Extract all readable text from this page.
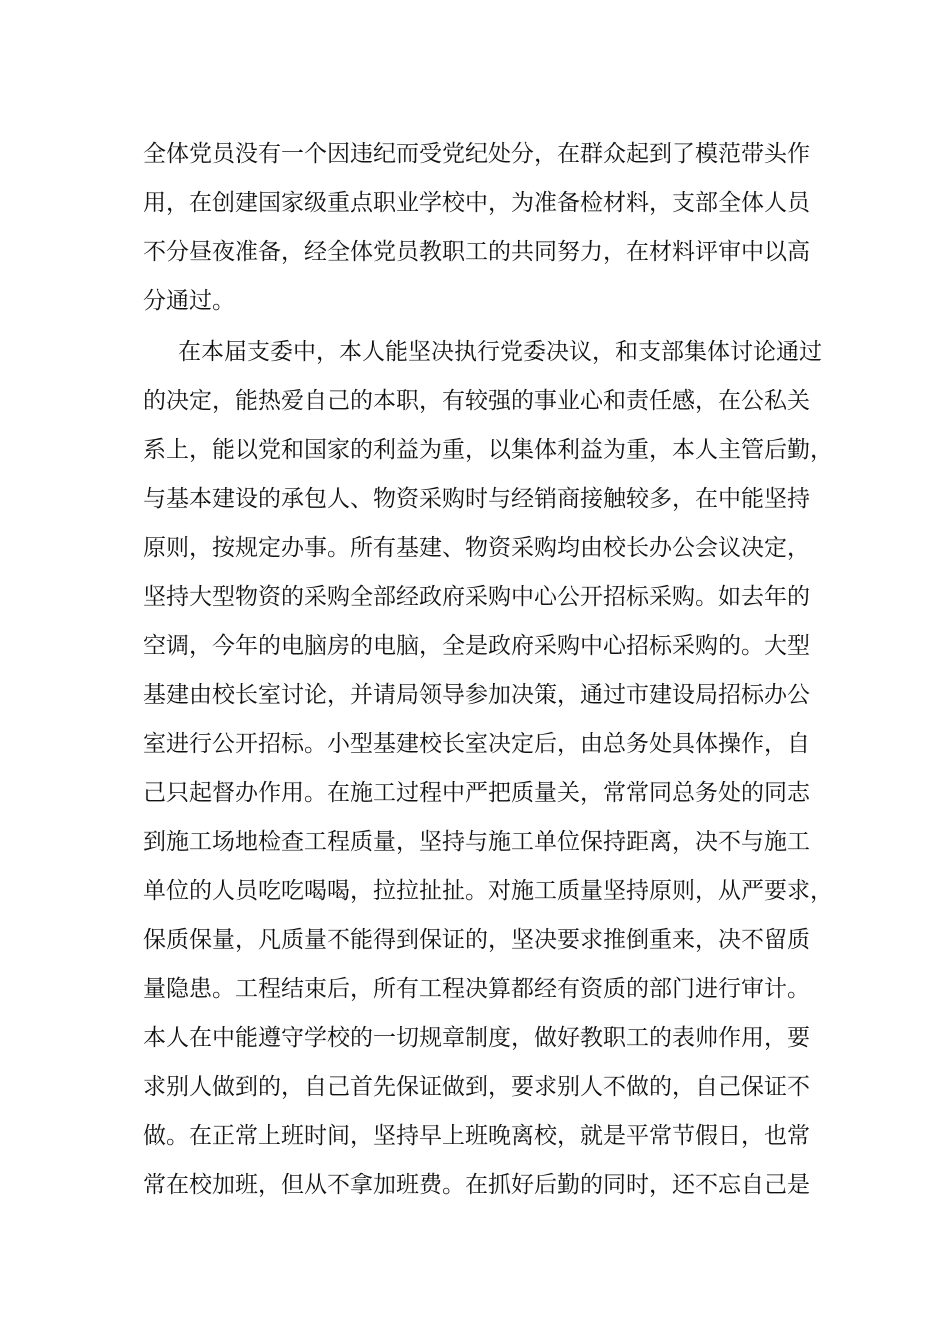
全体党员没有一个因违纪而受党纪处分，在群众起到了模范带头作
用，在创建国家级重点职业学校中，为准备检材料，支部全体人员
不分昼夜准备，经全体党员教职工的共同努力，在材料评审中以高
分通过。
在本届支委中，本人能坚决执行党委决议，和支部集体讨论通过
的决定，能热爱自己的本职，有较强的事业心和责任感，在公私关
系上，能以党和国家的利益为重，以集体利益为重，本人主管后勤，
与基本建设的承包人、物资采购时与经销商接触较多，在中能坚持
原则，按规定办事。所有基建、物资采购均由校长办公会议决定，
坚持大型物资的采购全部经政府采购中心公开招标采购。如去年的
空调，今年的电脑房的电脑，全是政府采购中心招标采购的。大型
基建由校长室讨论，并请局领导参加决策，通过市建设局招标办公
室进行公开招标。小型基建校长室决定后，由总务处具体操作，自
己只起督办作用。在施工过程中严把质量关，常常同总务处的同志
到施工场地检查工程质量，坚持与施工单位保持距离，决不与施工
单位的人员吃吃喝喝，拉拉扯扯。对施工质量坚持原则，从严要求，
保质保量，凡质量不能得到保证的，坚决要求推倒重来，决不留质
量隐患。工程结束后，所有工程决算都经有资质的部门进行审计。
本人在中能遵守学校的一切规章制度，做好教职工的表帅作用，要
求别人做到的，自己首先保证做到，要求别人不做的，自己保证不
做。在正常上班时间，坚持早上班晚离校，就是平常节假日，也常
常在校加班，但从不拿加班费。在抓好后勤的同时，还不忘自己是
